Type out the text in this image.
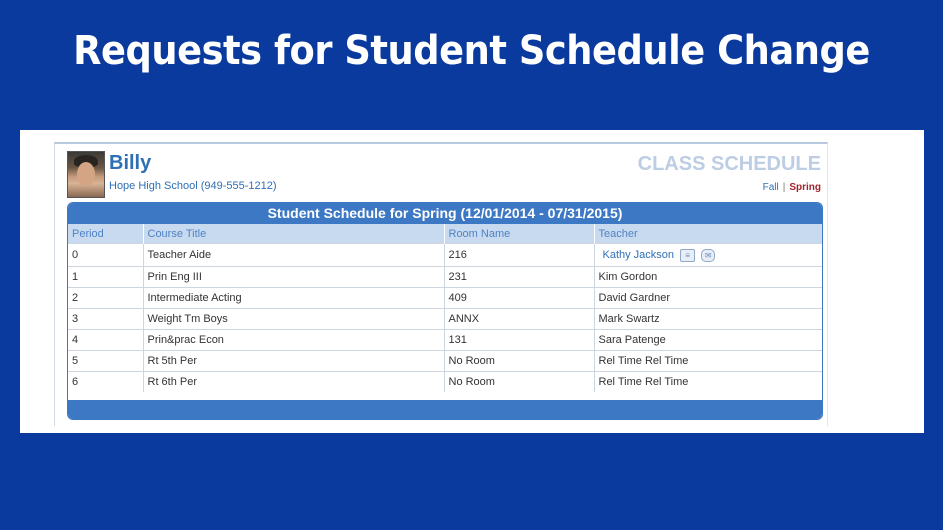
Requests for Student Schedule Change
Billy
Hope High School (949-555-1212)
CLASS SCHEDULE
Fall | Spring
Student Schedule for Spring (12/01/2014 - 07/31/2015)
Period	Course Title	Room Name	Teacher
0	Teacher Aide	216	Kathy Jackson ≡ ✉
1	Prin Eng III	231	Kim Gordon
2	Intermediate Acting	409	David Gardner
3	Weight Tm Boys	ANNX	Mark Swartz
4	Prin&prac Econ	131	Sara Patenge
5	Rt 5th Per	No Room	Rel Time Rel Time
6	Rt 6th Per	No Room	Rel Time Rel Time
